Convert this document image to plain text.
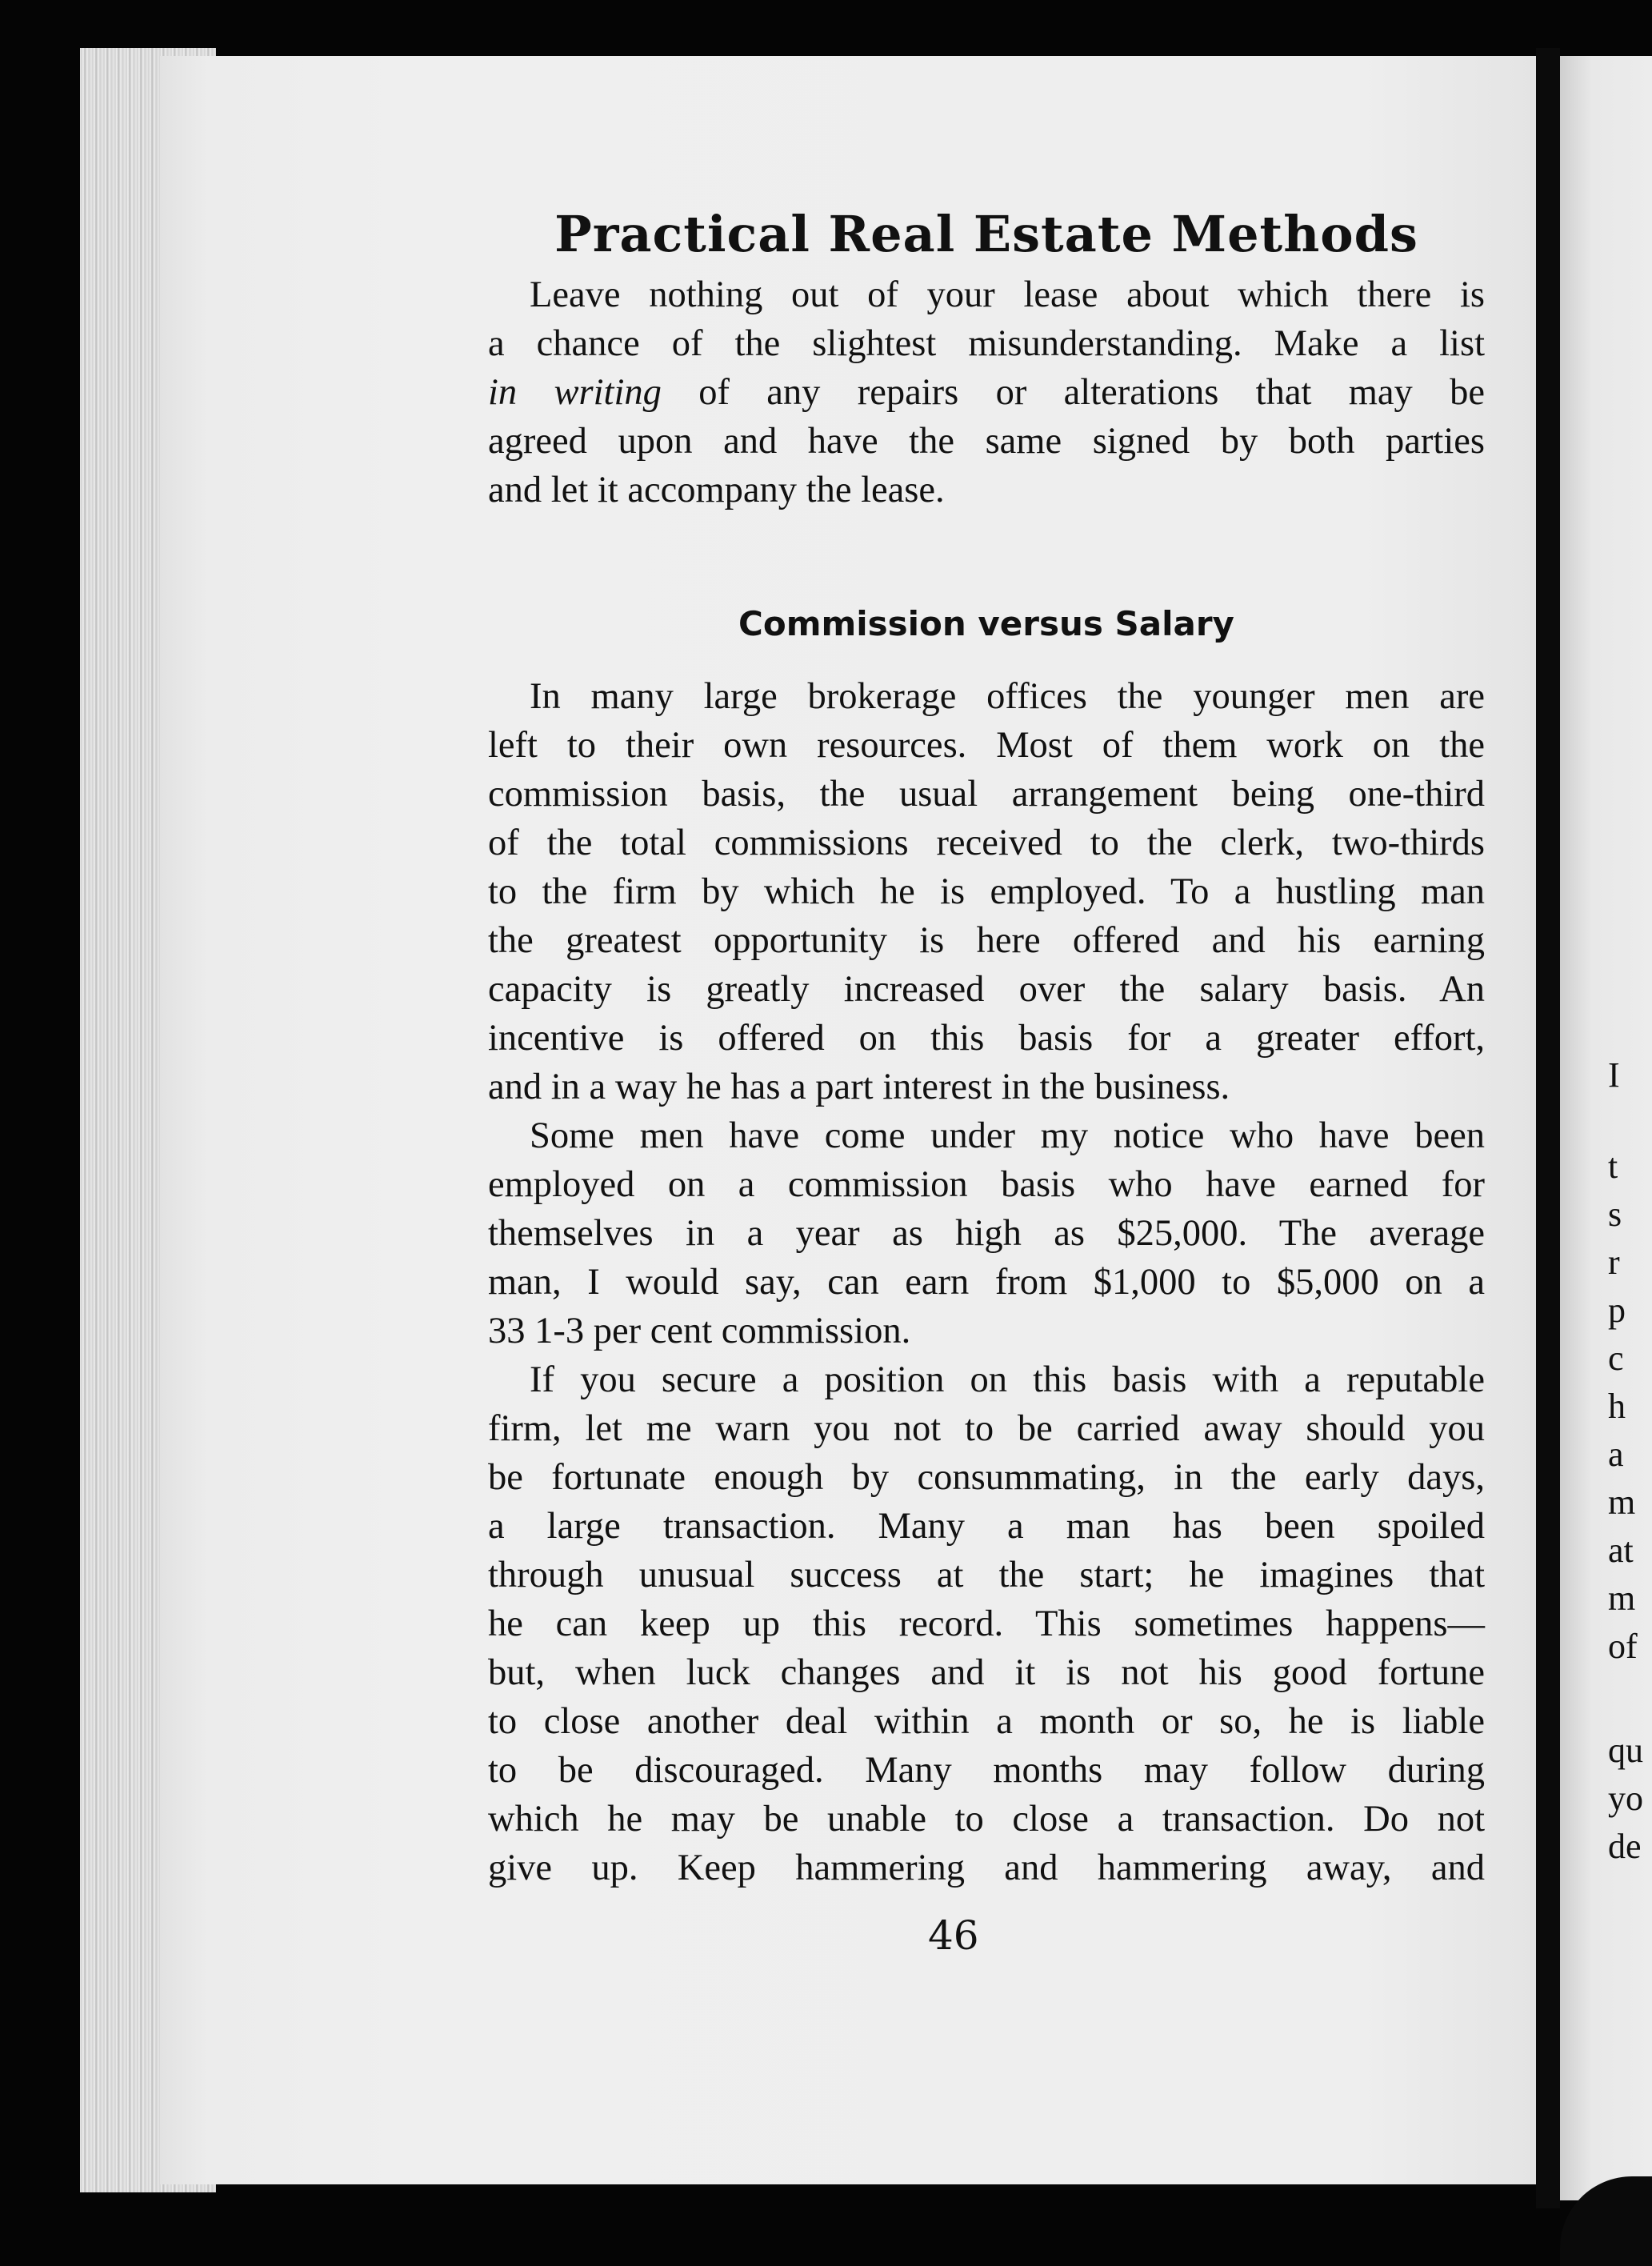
I
t
s
r
p
c
h
a
m
at
m
of
qu
yo
de
Practical Real Estate Methods
Leave nothing out of your lease about which there is
a chance of the slightest misunderstanding. Make a list
in writing of any repairs or alterations that may be
agreed upon and have the same signed by both parties
and let it accompany the lease.
Commission versus Salary
In many large brokerage offices the younger men are
left to their own resources. Most of them work on the
commission basis, the usual arrangement being one-third
of the total commissions received to the clerk, two-thirds
to the firm by which he is employed. To a hustling man
the greatest opportunity is here offered and his earning
capacity is greatly increased over the salary basis. An
incentive is offered on this basis for a greater effort,
and in a way he has a part interest in the business.
Some men have come under my notice who have been
employed on a commission basis who have earned for
themselves in a year as high as $25,000. The average
man, I would say, can earn from $1,000 to $5,000 on a
33 1-3 per cent commission.
If you secure a position on this basis with a reputable
firm, let me warn you not to be carried away should you
be fortunate enough by consummating, in the early days,
a large transaction. Many a man has been spoiled
through unusual success at the start; he imagines that
he can keep up this record. This sometimes happens—
but, when luck changes and it is not his good fortune
to close another deal within a month or so, he is liable
to be discouraged. Many months may follow during
which he may be unable to close a transaction. Do not
give up. Keep hammering and hammering away, and
46
